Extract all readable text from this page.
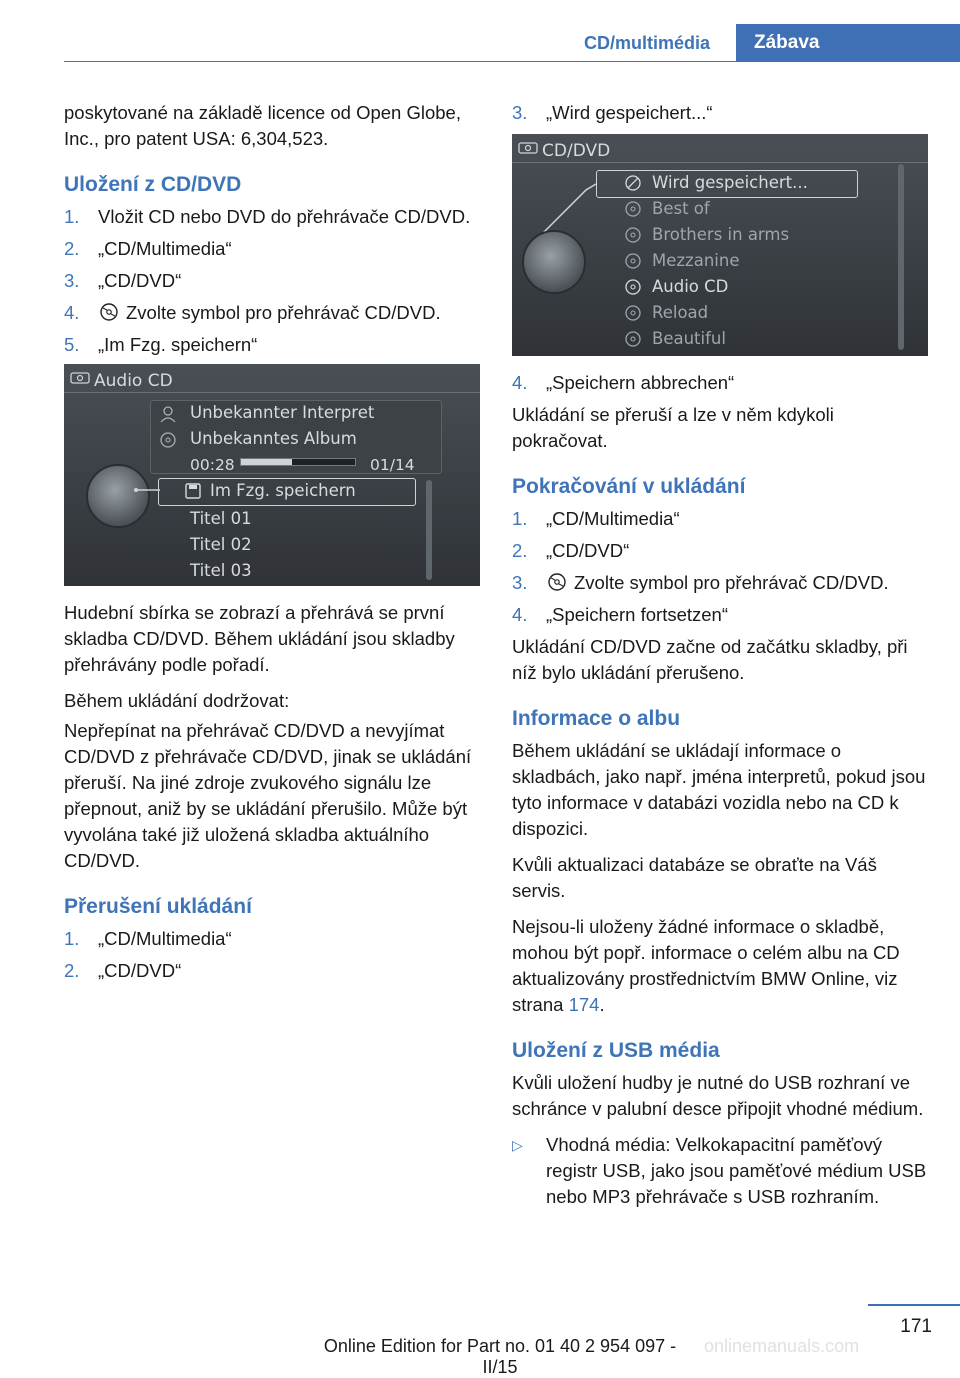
CD/multimédia	Zábava

poskytované na základě licence od Open Globe, Inc., pro patent USA: 6,304,523.

Uložení z CD/DVD
1. Vložit CD nebo DVD do přehrávače CD/DVD.
2. „CD/Multimedia“
3. „CD/DVD“
4.	Zvolte symbol pro přehrávač CD/DVD.
5. „Im Fzg. speichern“
Audio CD
Unbekannter Interpret
Unbekanntes Album
00:28	01/14
Im Fzg. speichern
Titel 01
Titel 02
Titel 03

Hudební sbírka se zobrazí a přehrává se první skladba CD/DVD. Během ukládání jsou skladby přehrávány podle pořadí.

Během ukládání dodržovat:

Nepřepínat na přehrávač CD/DVD a nevyjímat CD/DVD z přehrávače CD/DVD, jinak se ukládání přeruší. Na jiné zdroje zvukového signálu lze přepnout, aniž by se ukládání přerušilo. Může být vyvolána také již uložená skladba aktuálního CD/DVD.

Přerušení ukládání
1. „CD/Multimedia“
2. „CD/DVD“
3. „Wird gespeichert...“
CD/DVD
Wird gespeichert...
Best of
Brothers in arms
Mezzanine
Audio CD
Reload
Beautiful
4. „Speichern abbrechen“

Ukládání se přeruší a lze v něm kdykoli pokračovat.

Pokračování v ukládání
1. „CD/Multimedia“
2. „CD/DVD“
3.	Zvolte symbol pro přehrávač CD/DVD.
4. „Speichern fortsetzen“

Ukládání CD/DVD začne od začátku skladby, při níž bylo ukládání přerušeno.

Informace o albu

Během ukládání se ukládají informace o skladbách, jako např. jména interpretů, pokud jsou tyto informace v databázi vozidla nebo na CD k dispozici.

Kvůli aktualizaci databáze se obraťte na Váš servis.

Nejsou-li uloženy žádné informace o skladbě, mohou být popř. informace o celém albu na CD aktualizovány prostřednictvím BMW Online, viz strana 174.

Uložení z USB média

Kvůli uložení hudby je nutné do USB rozhraní ve schránce v palubní desce připojit vhodné médium.

▷ Vhodná média: Velkokapacitní paměťový registr USB, jako jsou paměťové médium USB nebo MP3 přehrávače s USB rozhraním.
171
Online Edition for Part no. 01 40 2 954 097 - II/15
onlinemanuals.com
